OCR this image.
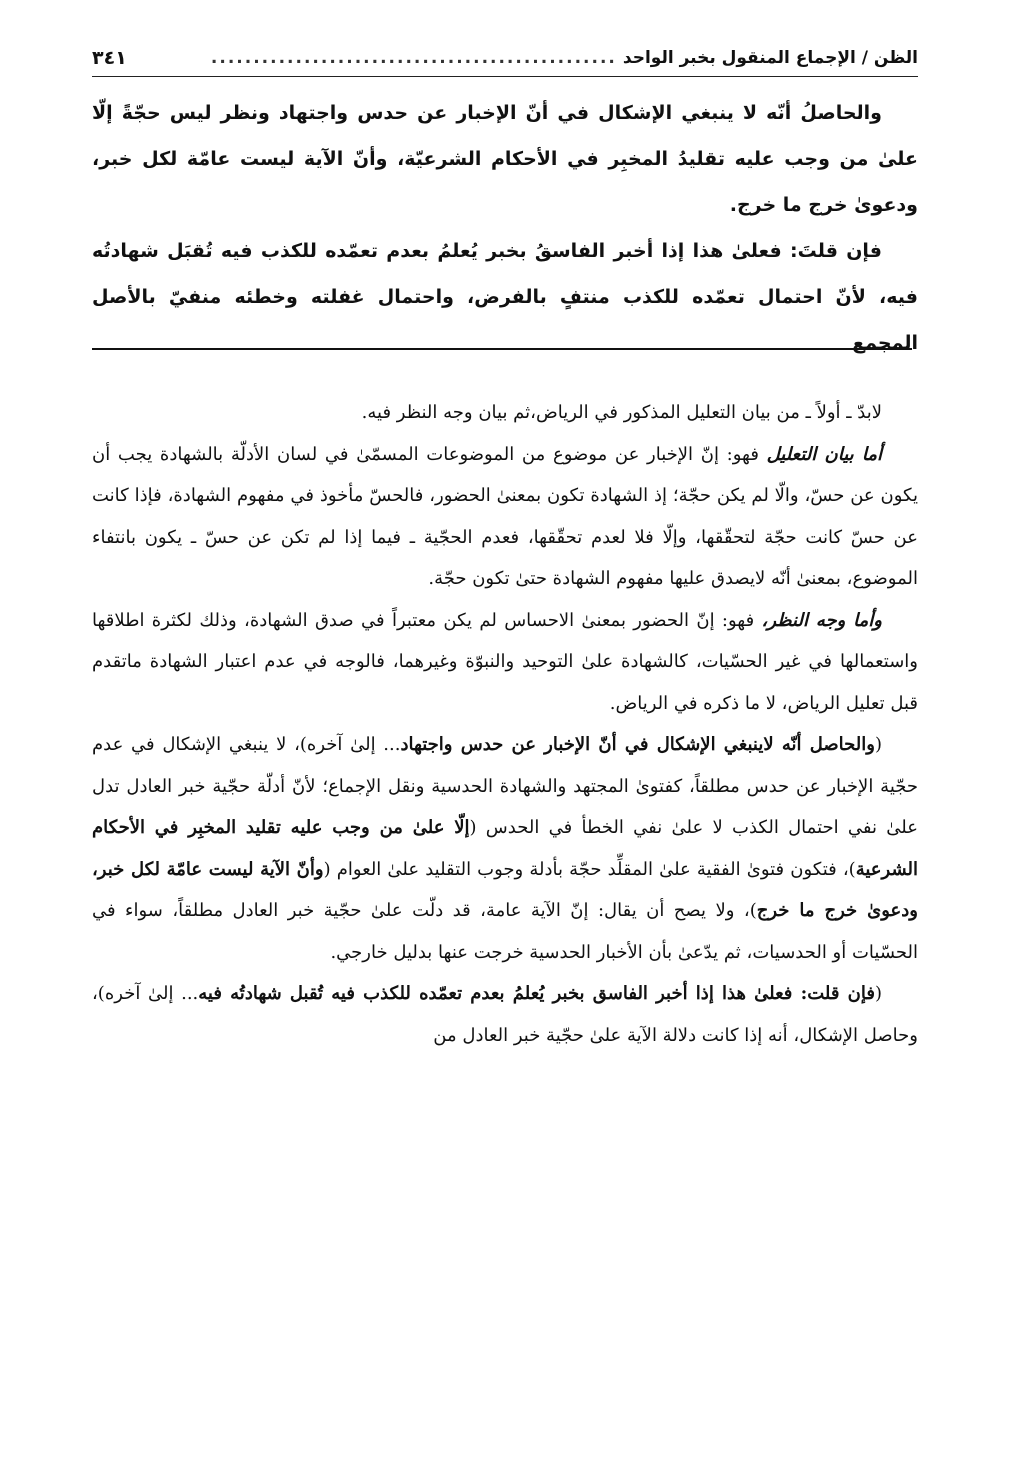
الظن / الإجماع المنقول بخبر الواحد
................................................
٣٤١

والحاصلُ أنّه لا ينبغي الإشكال في أنّ الإخبار عن حدس واجتهاد ونظر ليس حجّةً إلّا علىٰ من وجب عليه تقليدُ المخبِر في الأحكام الشرعيّة، وأنّ الآية ليست عامّة لكل خبر، ودعوىٰ خرج ما خرج.

فإن قلتَ: فعلىٰ هذا إذا أخبر الفاسقُ بخبر يُعلمُ بعدم تعمّده للكذب فيه تُقبَل شهادتُه فيه، لأنّ احتمال تعمّده للكذب منتفٍ بالفرض، واحتمال غفلته وخطئه منفيّ بالأصل المجمع

لابدّ ـ أولاً ـ من بيان التعليل المذكور في الرياض،ثم بيان وجه النظر فيه.

أما بيان التعليل فهو: إنّ الإخبار عن موضوع من الموضوعات المسمّىٰ في لسان الأدلّة بالشهادة يجب أن يكون عن حسّ، والّا لم يكن حجّة؛ إذ الشهادة تكون بمعنىٰ الحضور، فالحسّ مأخوذ في مفهوم الشهادة، فإذا كانت عن حسّ كانت حجّة لتحقّقها، وإلّا فلا لعدم تحقّقها، فعدم الحجّية ـ فيما إذا لم تكن عن حسّ ـ يكون بانتفاء الموضوع، بمعنىٰ أنّه لايصدق عليها مفهوم الشهادة حتىٰ تكون حجّة.

وأما وجه النظر، فهو: إنّ الحضور بمعنىٰ الاحساس لم يكن معتبراً في صدق الشهادة، وذلك لكثرة اطلاقها واستعمالها في غير الحسّيات، كالشهادة علىٰ التوحيد والنبوّة وغيرهما، فالوجه في عدم اعتبار الشهادة ماتقدم قبل تعليل الرياض، لا ما ذكره في الرياض.

(والحاصل أنّه لاينبغي الإشكال في أنّ الإخبار عن حدس واجتهاد... إلىٰ آخره)، لا ينبغي الإشكال في عدم حجّية الإخبار عن حدس مطلقاً، كفتوىٰ المجتهد والشهادة الحدسية ونقل الإجماع؛ لأنّ أدلّة حجّية خبر العادل تدل علىٰ نفي احتمال الكذب لا علىٰ نفي الخطأ في الحدس (إلّا علىٰ من وجب عليه تقليد المخبِر في الأحكام الشرعية)، فتكون فتوىٰ الفقية علىٰ المقلِّد حجّة بأدلة وجوب التقليد علىٰ العوام (وأنّ الآية ليست عامّة لكل خبر، ودعوىٰ خرج ما خرج)، ولا يصح أن يقال: إنّ الآية عامة، قد دلّت علىٰ حجّية خبر العادل مطلقاً، سواء في الحسّيات أو الحدسيات، ثم يدّعىٰ بأن الأخبار الحدسية خرجت عنها بدليل خارجي.

(فإن قلت: فعلىٰ هذا إذا أخبر الفاسق بخبر يُعلمُ بعدم تعمّده للكذب فيه تُقبل شهادتُه فيه... إلىٰ آخره)، وحاصل الإشكال، أنه إذا كانت دلالة الآية علىٰ حجّية خبر العادل من
